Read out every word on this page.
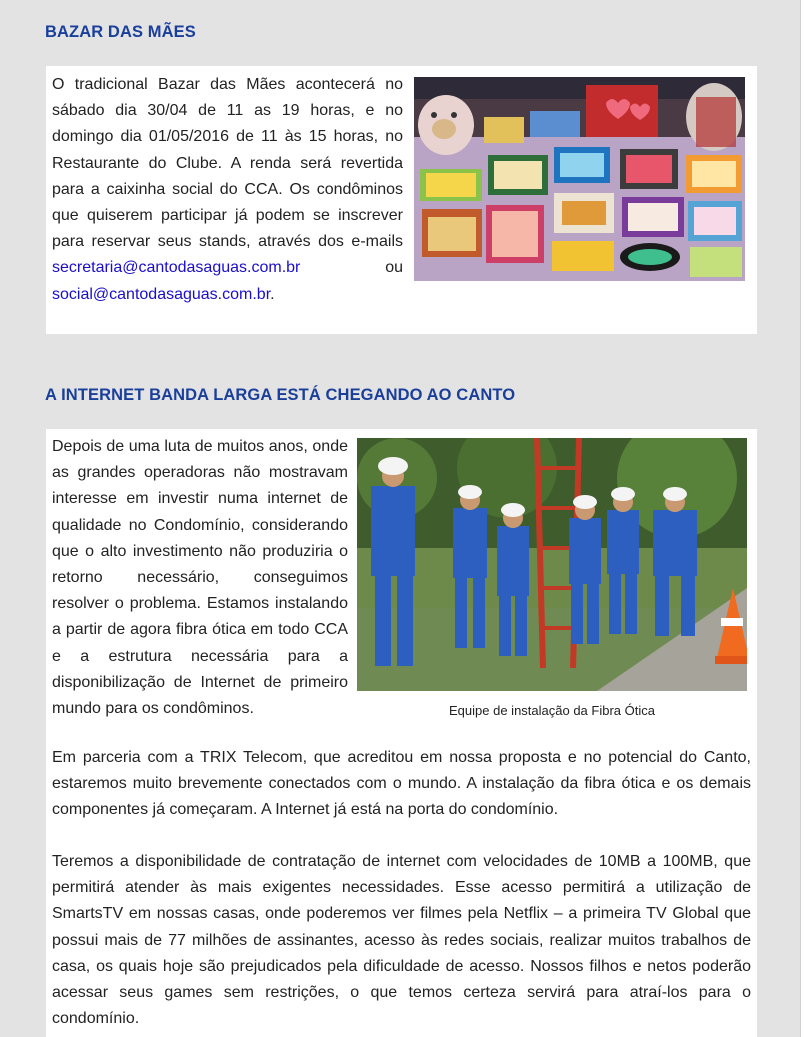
BAZAR DAS MÃES
O tradicional Bazar das Mães acontecerá no sábado dia 30/04 de 11 as 19 horas, e no domingo dia 01/05/2016 de 11 às 15 horas, no Restaurante do Clube. A renda será revertida para a caixinha social do CCA. Os condôminos que quiserem participar já podem se inscrever para reservar seus stands, através dos e-mails secretaria@cantodasaguas.com.br ou social@cantodasaguas.com.br.
A INTERNET BANDA LARGA ESTÁ CHEGANDO AO CANTO
Depois de uma luta de muitos anos, onde as grandes operadoras não mostravam interesse em investir numa internet de qualidade no Condomínio, considerando que o alto investimento não produziria o retorno necessário, conseguimos resolver o problema. Estamos instalando a partir de agora fibra ótica em todo CCA e a estrutura necessária para a disponibilização de Internet de primeiro mundo para os condôminos.	Equipe de instalação da Fibra Ótica
Em parceria com a TRIX Telecom, que acreditou em nossa proposta e no potencial do Canto, estaremos muito brevemente conectados com o mundo. A instalação da fibra ótica e os demais componentes já começaram. A Internet já está na porta do condomínio.
Teremos a disponibilidade de contratação de internet com velocidades de 10MB a 100MB, que permitirá atender às mais exigentes necessidades. Esse acesso permitirá a utilização de SmartsTV em nossas casas, onde poderemos ver filmes pela Netflix – a primeira TV Global que possui mais de 77 milhões de assinantes, acesso às redes sociais, realizar muitos trabalhos de casa, os quais hoje são prejudicados pela dificuldade de acesso. Nossos filhos e netos poderão acessar seus games sem restrições, o que temos certeza servirá para atraí-los para o condomínio.
